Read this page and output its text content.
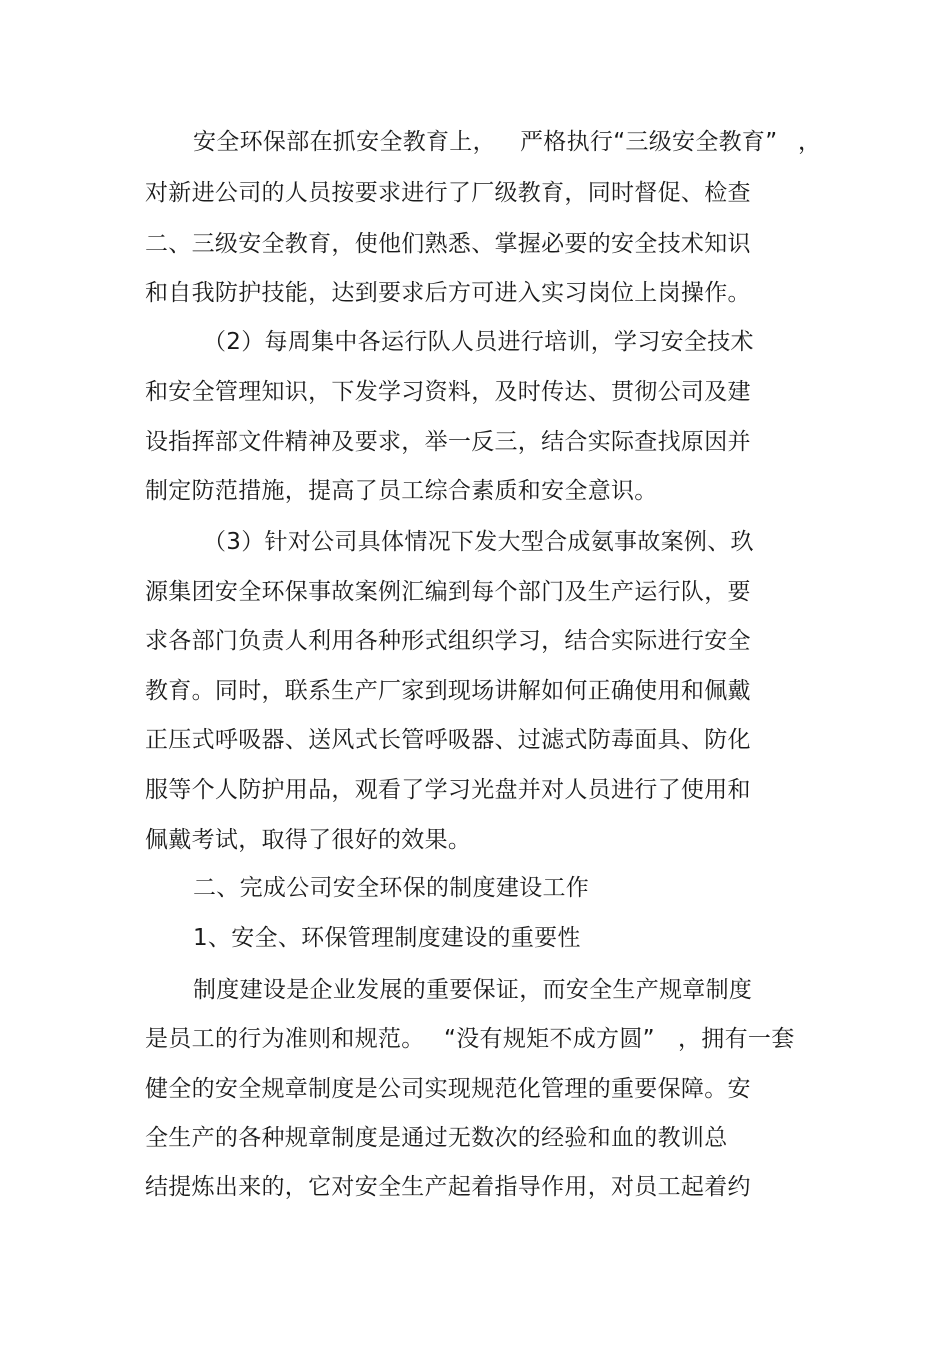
安全环保部在抓安全教育上， 严格执行“三级安全教育” ，
对新进公司的人员按要求进行了厂级教育，同时督促、检查
二、三级安全教育，使他们熟悉、掌握必要的安全技术知识
和自我防护技能，达到要求后方可进入实习岗位上岗操作。
（2）每周集中各运行队人员进行培训，学习安全技术
和安全管理知识，下发学习资料，及时传达、贯彻公司及建
设指挥部文件精神及要求，举一反三，结合实际查找原因并
制定防范措施，提高了员工综合素质和安全意识。
（3）针对公司具体情况下发大型合成氨事故案例、玖
源集团安全环保事故案例汇编到每个部门及生产运行队，要
求各部门负责人利用各种形式组织学习，结合实际进行安全
教育。同时，联系生产厂家到现场讲解如何正确使用和佩戴
正压式呼吸器、送风式长管呼吸器、过滤式防毒面具、防化
服等个人防护用品，观看了学习光盘并对人员进行了使用和
佩戴考试，取得了很好的效果。
二、完成公司安全环保的制度建设工作
1、安全、环保管理制度建设的重要性
制度建设是企业发展的重要保证，而安全生产规章制度
是员工的行为准则和规范。 “没有规矩不成方圆” ，拥有一套
健全的安全规章制度是公司实现规范化管理的重要保障。安
全生产的各种规章制度是通过无数次的经验和血的教训总
结提炼出来的，它对安全生产起着指导作用，对员工起着约
